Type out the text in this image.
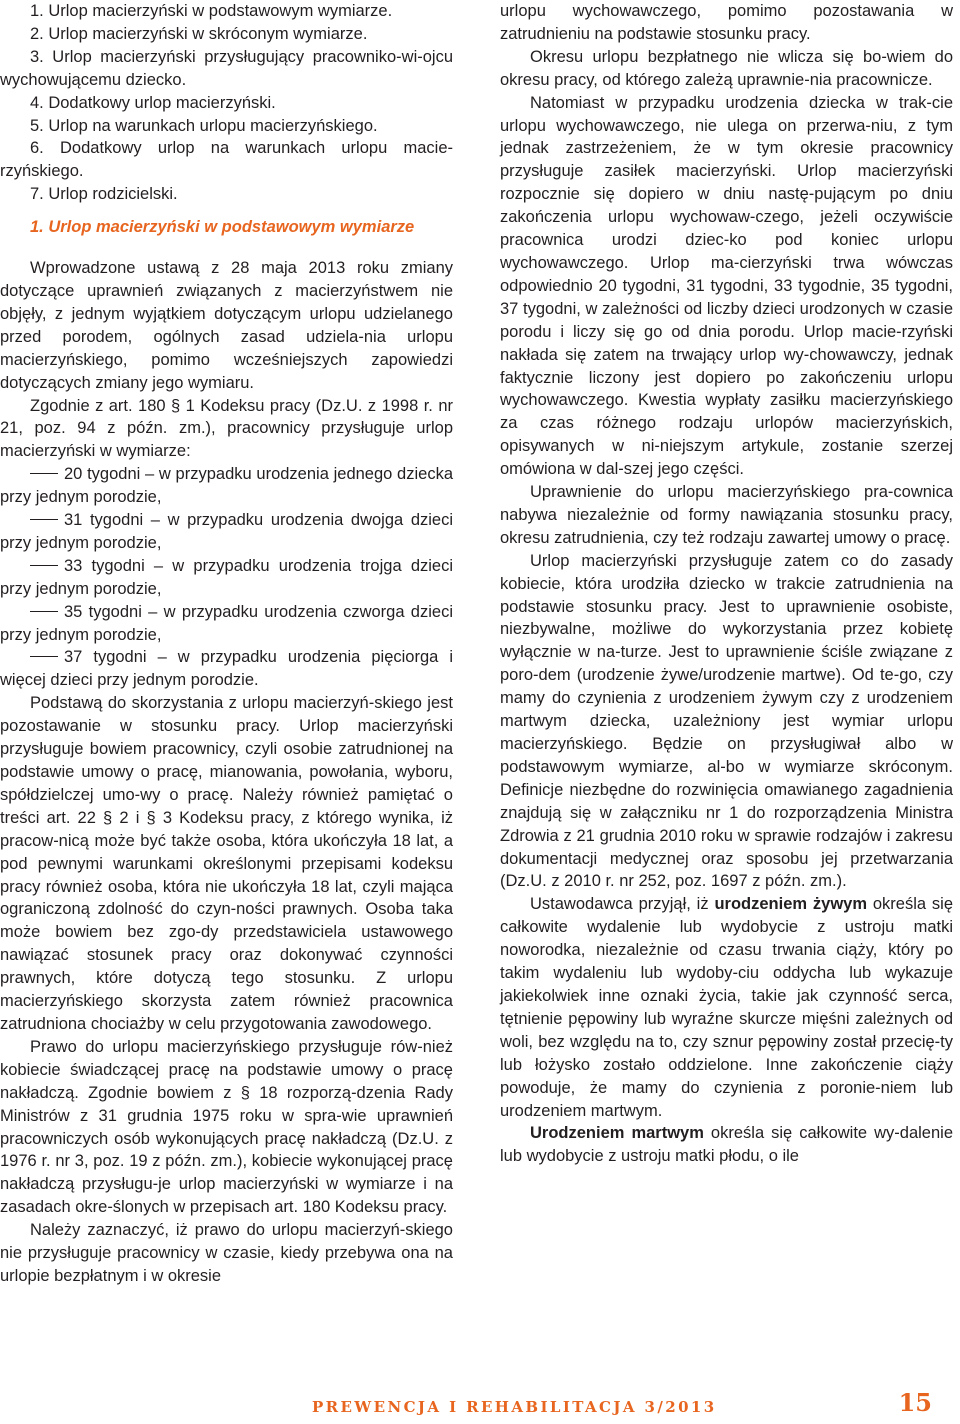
1. Urlop macierzyński w podstawowym wymiarze.

2. Urlop macierzyński w skróconym wymiarze.

3. Urlop macierzyński przysługujący pracowniko-wi-ojcu wychowującemu dziecko.

4. Dodatkowy urlop macierzyński.

5. Urlop na warunkach urlopu macierzyńskiego.

6. Dodatkowy urlop na warunkach urlopu macie-rzyńskiego.

7. Urlop rodzicielski.

1. Urlop macierzyński w podstawowym wymiarze

Wprowadzone ustawą z 28 maja 2013 roku zmiany dotyczące uprawnień związanych z macierzyństwem nie objęły, z jednym wyjątkiem dotyczącym urlopu udzielanego przed porodem, ogólnych zasad udziela-nia urlopu macierzyńskiego, pomimo wcześniejszych zapowiedzi dotyczących zmiany jego wymiaru.

Zgodnie z art. 180 § 1 Kodeksu pracy (Dz.U. z 1998 r. nr 21, poz. 94 z późn. zm.), pracownicy przysługuje urlop macierzyński w wymiarze:

20 tygodni – w przypadku urodzenia jednego dziecka przy jednym porodzie,

31 tygodni – w przypadku urodzenia dwojga dzieci przy jednym porodzie,

33 tygodni – w przypadku urodzenia trojga dzieci przy jednym porodzie,

35 tygodni – w przypadku urodzenia czworga dzieci przy jednym porodzie,

37 tygodni – w przypadku urodzenia pięciorga i więcej dzieci przy jednym porodzie.

Podstawą do skorzystania z urlopu macierzyń-skiego jest pozostawanie w stosunku pracy. Urlop macierzyński przysługuje bowiem pracownicy, czyli osobie zatrudnionej na podstawie umowy o pracę, mianowania, powołania, wyboru, spółdzielczej umo-wy o pracę. Należy również pamiętać o treści art. 22 § 2 i § 3 Kodeksu pracy, z którego wynika, iż pracow-nicą może być także osoba, która ukończyła 18 lat, a pod pewnymi warunkami określonymi przepisami kodeksu pracy również osoba, która nie ukończyła 18 lat, czyli mająca ograniczoną zdolność do czyn-ności prawnych. Osoba taka może bowiem bez zgo-dy przedstawiciela ustawowego nawiązać stosunek pracy oraz dokonywać czynności prawnych, które dotyczą tego stosunku. Z urlopu macierzyńskiego skorzysta zatem również pracownica zatrudniona chociażby w celu przygotowania zawodowego.

Prawo do urlopu macierzyńskiego przysługuje rów-nież kobiecie świadczącej pracę na podstawie umowy o pracę nakładczą. Zgodnie bowiem z § 18 rozporzą-dzenia Rady Ministrów z 31 grudnia 1975 roku w spra-wie uprawnień pracowniczych osób wykonujących pracę nakładczą (Dz.U. z 1976 r. nr 3, poz. 19 z późn. zm.), kobiecie wykonującej pracę nakładczą przysługu-je urlop macierzyński w wymiarze i na zasadach okre-ślonych w przepisach art. 180 Kodeksu pracy.

Należy zaznaczyć, iż prawo do urlopu macierzyń-skiego nie przysługuje pracownicy w czasie, kiedy przebywa ona na urlopie bezpłatnym i w okresie

urlopu wychowawczego, pomimo pozostawania w zatrudnieniu na podstawie stosunku pracy.

Okresu urlopu bezpłatnego nie wlicza się bo-wiem do okresu pracy, od którego zależą uprawnie-nia pracownicze.

Natomiast w przypadku urodzenia dziecka w trak-cie urlopu wychowawczego, nie ulega on przerwa-niu, z tym jednak zastrzeżeniem, że w tym okresie pracownicy przysługuje zasiłek macierzyński. Urlop macierzyński rozpocznie się dopiero w dniu nastę-pującym po dniu zakończenia urlopu wychowaw-czego, jeżeli oczywiście pracownica urodzi dziec-ko pod koniec urlopu wychowawczego. Urlop ma-cierzyński trwa wówczas odpowiednio 20 tygodni, 31 tygodni, 33 tygodnie, 35 tygodni, 37 tygodni, w zależności od liczby dzieci urodzonych w czasie porodu i liczy się go od dnia porodu. Urlop macie-rzyński nakłada się zatem na trwający urlop wy-chowawczy, jednak faktycznie liczony jest dopiero po zakończeniu urlopu wychowawczego. Kwestia wypłaty zasiłku macierzyńskiego za czas różnego rodzaju urlopów macierzyńskich, opisywanych w ni-niejszym artykule, zostanie szerzej omówiona w dal-szej jego części.

Uprawnienie do urlopu macierzyńskiego pra-cownica nabywa niezależnie od formy nawiązania stosunku pracy, okresu zatrudnienia, czy też rodzaju zawartej umowy o pracę.

Urlop macierzyński przysługuje zatem co do zasady kobiecie, która urodziła dziecko w trakcie zatrudnienia na podstawie stosunku pracy. Jest to uprawnienie osobiste, niezbywalne, możliwe do wykorzystania przez kobietę wyłącznie w na-turze. Jest to uprawnienie ściśle związane z poro-dem (urodzenie żywe/urodzenie martwe). Od te-go, czy mamy do czynienia z urodzeniem żywym czy z urodzeniem martwym dziecka, uzależniony jest wymiar urlopu macierzyńskiego. Będzie on przysługiwał albo w podstawowym wymiarze, al-bo w wymiarze skróconym. Definicje niezbędne do rozwinięcia omawianego zagadnienia znajdują się w załączniku nr 1 do rozporządzenia Ministra Zdrowia z 21 grudnia 2010 roku w sprawie rodzajów i zakresu dokumentacji medycznej oraz sposobu jej przetwarzania (Dz.U. z 2010 r. nr 252, poz. 1697 z późn. zm.).

Ustawodawca przyjął, iż urodzeniem żywym określa się całkowite wydalenie lub wydobycie z ustroju matki noworodka, niezależnie od czasu trwania ciąży, który po takim wydaleniu lub wydoby-ciu oddycha lub wykazuje jakiekolwiek inne oznaki życia, takie jak czynność serca, tętnienie pępowiny lub wyraźne skurcze mięśni zależnych od woli, bez względu na to, czy sznur pępowiny został przecię-ty lub łożysko zostało oddzielone. Inne zakończenie ciąży powoduje, że mamy do czynienia z poronie-niem lub urodzeniem martwym.

Urodzeniem martwym określa się całkowite wy-dalenie lub wydobycie z ustroju matki płodu, o ile

PREWENCJA I REHABILITACJA 3/2013	15
